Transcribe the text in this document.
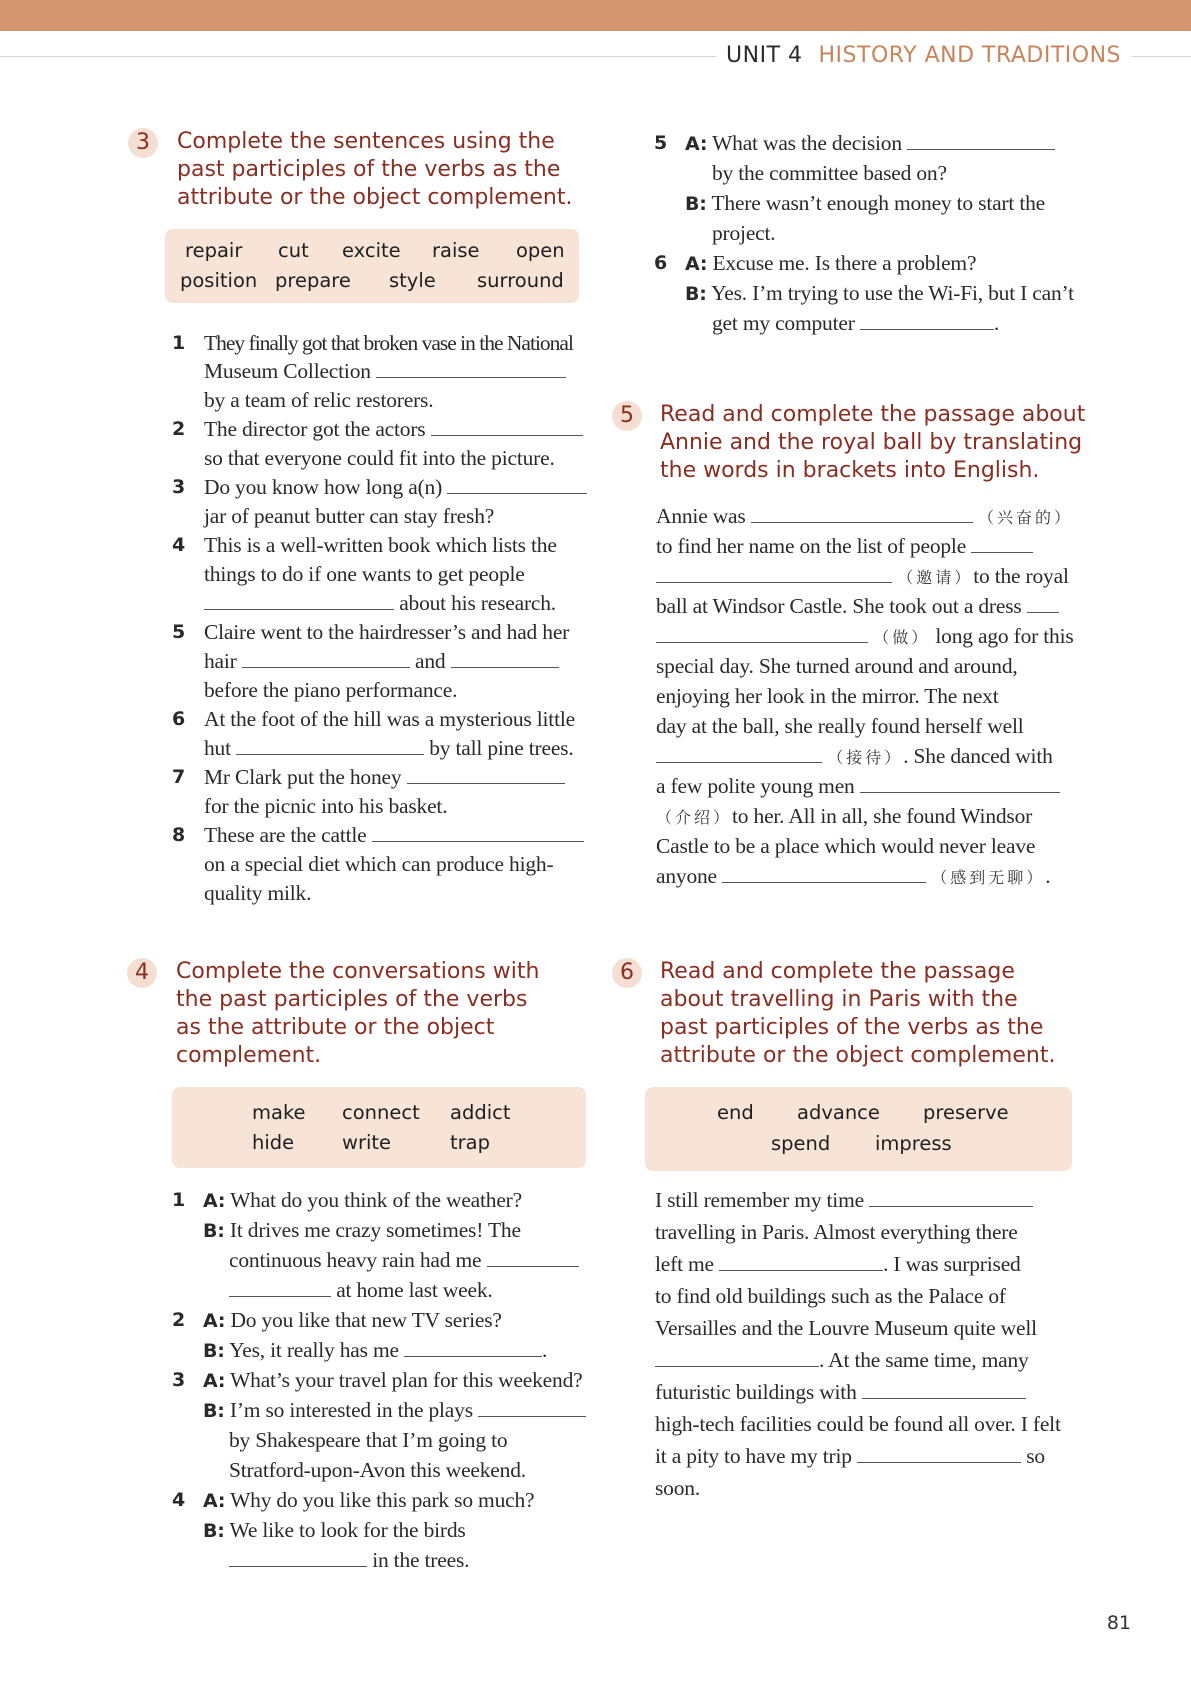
UNIT 4 HISTORY AND TRADITIONS
3	Complete the sentences using the
past participles of the verbs as the
attribute or the object complement.
repair cut excite raise open
position prepare style surround
1 They finally got that broken vase in the National
Museum Collection
by a team of relic restorers.
2 The director got the actors
so that everyone could fit into the picture.
3 Do you know how long a(n)
jar of peanut butter can stay fresh?
4 This is a well-written book which lists the
things to do if one wants to get people
about his research.
5 Claire went to the hairdresser’s and had her
hair	and
before the piano performance.
6 At the foot of the hill was a mysterious little
hut	by tall pine trees.
7 Mr Clark put the honey
for the picnic into his basket.
8 These are the cattle
on a special diet which can produce high-
quality milk.
4	Complete the conversations with
the past participles of the verbs
as the attribute or the object
complement.
make connect addict
hide write	trap
1 A: What do you think of the weather?
B: It drives me crazy sometimes! The
continuous heavy rain had me
at home last week.
2 A: Do you like that new TV series?
B: Yes, it really has me	.
3 A: What’s your travel plan for this weekend?
B: I’m so interested in the plays
by Shakespeare that I’m going to
Stratford-upon-Avon this weekend.
4 A: Why do you like this park so much?
B: We like to look for the birds
in the trees.
5 A: What was the decision
by the committee based on?
B: There wasn’t enough money to start the
project.
6 A: Excuse me. Is there a problem?
B: Yes. I’m trying to use the Wi-Fi, but I can’t
get my computer	.
5	Read and complete the passage about
Annie and the royal ball by translating
the words in brackets into English.
Annie was	（兴奋的）
to find her name on the list of people
（邀请）to the royal
ball at Windsor Castle. She took out a dress
（做） long ago for this
special day. She turned around and around,
enjoying her look in the mirror. The next
day at the ball, she really found herself well
（接待）. She danced with
a few polite young men
（介绍）to her. All in all, she found Windsor
Castle to be a place which would never leave
anyone	（感到无聊）.
6	Read and complete the passage
about travelling in Paris with the
past participles of the verbs as the
attribute or the object complement.
end advance preserve
spend impress
I still remember my time
travelling in Paris. Almost everything there
left me	. I was surprised
to find old buildings such as the Palace of
Versailles and the Louvre Museum quite well
. At the same time, many
futuristic buildings with
high-tech facilities could be found all over. I felt
it a pity to have my trip	so
soon.
81
